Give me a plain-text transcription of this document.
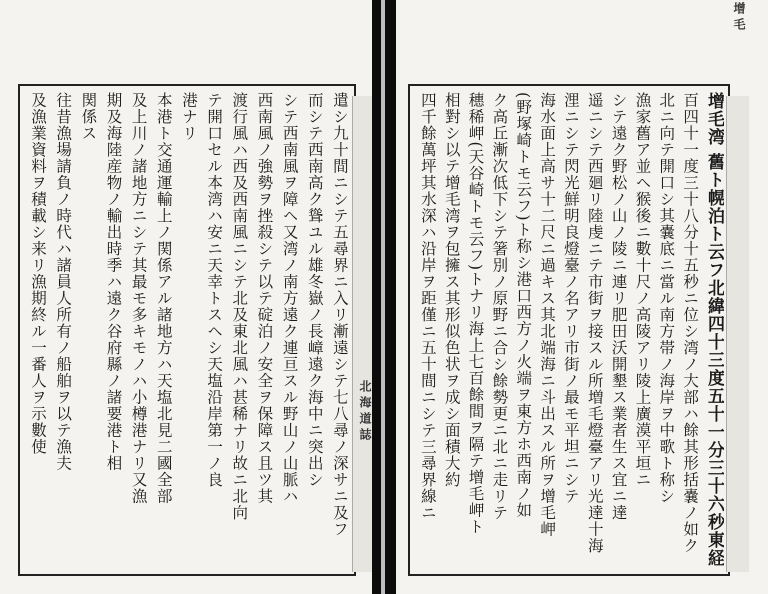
遣シ九十間ニシテ五尋界ニ入リ漸遠シテ七八尋ノ深サニ及フ
而シテ西南高ク聳ユル雄冬嶽ノ長嶂遠ク海中ニ突出シ
シテ西南風ヲ障ヘ又湾ノ南方遠ク連亘スル野山ノ山脈ハ
西南風ノ強勢ヲ挫殺シテ以テ碇泊ノ安全ヲ保障ス且ツ其
渡行風ハ西及西南風ニシテ北及東北風ハ甚稀ナリ故ニ北向
テ開口セル本湾ハ安ニ天幸トスヘシ天塩沿岸第一ノ良
港ナリ
本港ト交通運輸上ノ関係アル諸地方ハ天塩北見二國全部
及上川ノ諸地方ニシテ其最モ多キモノハ小樽港ナリ又漁
期及海陸産物ノ輸出時季ハ遠ク谷府縣ノ諸要港ト相
関係ス
往昔漁場請負ノ時代ハ諸員人所有ノ船舶ヲ以テ漁夫
及漁業資料ヲ積載シ来リ漁期終ル一番人ヲ示數使	北海道誌	增毛湾 舊ト幌泊ト云フ北緯四十三度五十一分三十六秒東経
百四十一度三十八分十五秒ニ位シ湾ノ大部ハ餘其形括嚢ノ如ク
北ニ向テ開口シ其嚢底ニ當ル南方帯ノ海岸ヲ中歌ト称シ
漁家舊ア並ヘ猴後ニ數十尺ノ高陵アリ陵上廣漠平垣ニ
シテ遠ク野松ノ山ノ陵ニ連リ肥田沃開墾ス業者生ス宜ニ達
遥ニシテ西廻リ陸虔ニテ市街ヲ接スル所増毛燈臺アリ光達十海
浬ニシテ閃光鮮明良燈臺ノ名アリ市街ノ最モ平坦ニシテ
海水面上高サ十二尺ニ過キス其北端海ニ斗出スル所ヲ增毛岬
(野塚崎トモ云フ)ト称シ港口西方ノ火端ヲ東方ホ西南ノ如
ク高丘漸次低下シテ箸別ノ原野ニ合シ餘勢更ニ北ニ走リテ
穗稀岬(天谷崎トモ云フ)トナリ海上七百餘間ヲ隔テ增毛岬ト
相對シ以テ增毛湾ヲ包擁ス其形似色状ヲ成シ面積大約
四千餘萬坪其水深ハ沿岸ヲ距僅ニ五十間ニシテ三尋界線ニ
增毛
